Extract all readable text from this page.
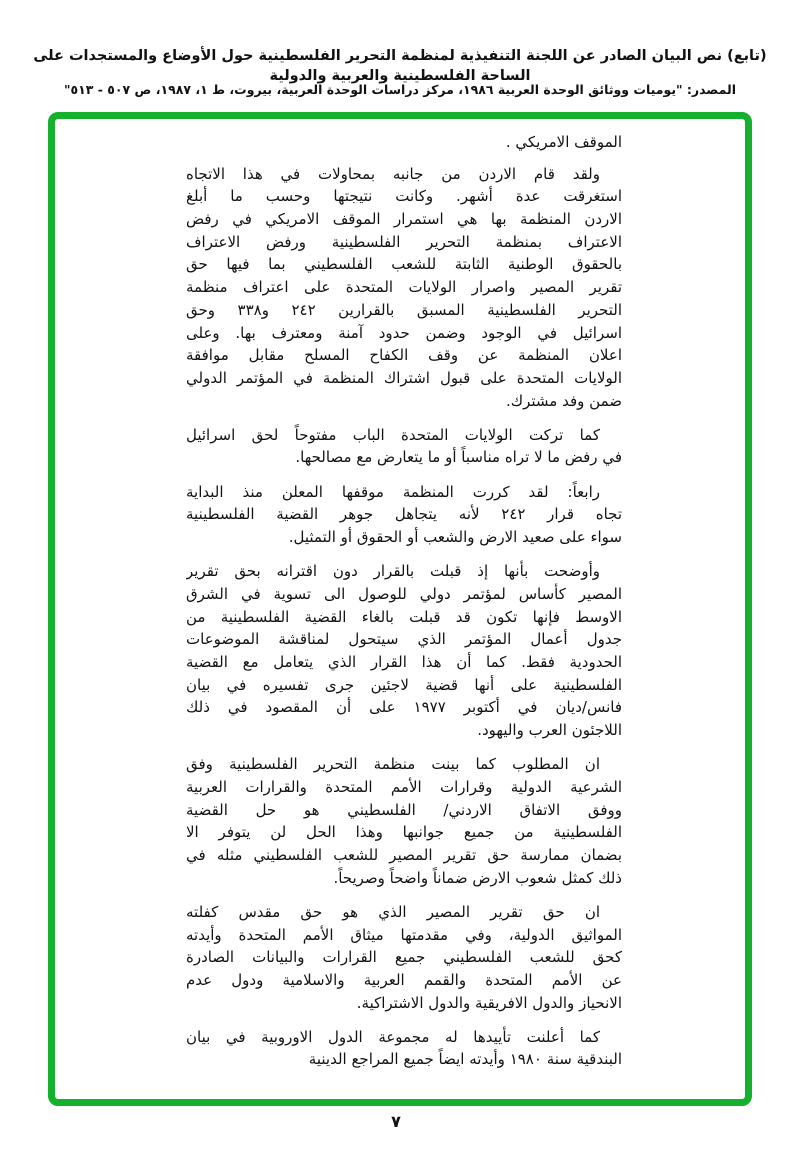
(تابع) نص البيان الصادر عن اللجنة التنفيذية لمنظمة التحرير الفلسطينية حول الأوضاع والمستجدات على الساحة الفلسطينية والعربية والدولية
المصدر: "يوميات ووثائق الوحدة العربية ١٩٨٦، مركز دراسات الوحدة العربية، بيروت، ط ١، ١٩٨٧، ص ٥٠٧ - ٥١٣"
الموقف الامريكي .
ولقد قام الاردن من جانبه بمحاولات في هذا الاتجاه
استغرقت عدة أشهر. وكانت نتيجتها وحسب ما أبلغ
الاردن المنظمة بها هي استمرار الموقف الامريكي في رفض
الاعتراف بمنظمة التحرير الفلسطينية ورفض الاعتراف
بالحقوق الوطنية الثابتة للشعب الفلسطيني بما فيها حق
تقرير المصير واصرار الولايات المتحدة على اعتراف منظمة
التحرير الفلسطينية المسبق بالقرارين ٢٤٢ و٣٣٨ وحق
اسرائيل في الوجود وضمن حدود آمنة ومعترف بها. وعلى
اعلان المنظمة عن وقف الكفاح المسلح مقابل موافقة
الولايات المتحدة على قبول اشتراك المنظمة في المؤتمر الدولي
ضمن وفد مشترك.
كما تركت الولايات المتحدة الباب مفتوحاً لحق اسرائيل
في رفض ما لا تراه مناسباً أو ما يتعارض مع مصالحها.
رابعاً: لقد كررت المنظمة موقفها المعلن منذ البداية
تجاه قرار ٢٤٢ لأنه يتجاهل جوهر القضية الفلسطينية
سواء على صعيد الارض والشعب أو الحقوق أو التمثيل.
وأوضحت بأنها إذ قبلت بالقرار دون اقترانه بحق تقرير
المصير كأساس لمؤتمر دولي للوصول الى تسوية في الشرق
الاوسط فإنها تكون قد قبلت بالغاء القضية الفلسطينية من
جدول أعمال المؤتمر الذي سيتحول لمناقشة الموضوعات
الحدودية فقط. كما أن هذا القرار الذي يتعامل مع القضية
الفلسطينية على أنها قضية لاجئين جرى تفسيره في بيان
فانس/ديان في أكتوبر ١٩٧٧ على أن المقصود في ذلك
اللاجئون العرب واليهود.
ان المطلوب كما بينت منظمة التحرير الفلسطينية وفق
الشرعية الدولية وقرارات الأمم المتحدة والقرارات العربية
ووفق الاتفاق الاردني/ الفلسطيني هو حل القضية
الفلسطينية من جميع جوانبها وهذا الحل لن يتوفر الا
بضمان ممارسة حق تقرير المصير للشعب الفلسطيني مثله في
ذلك كمثل شعوب الارض ضماناً واضحاً وصريحاً.
ان حق تقرير المصير الذي هو حق مقدس كفلته
المواثيق الدولية، وفي مقدمتها ميثاق الأمم المتحدة وأيدته
كحق للشعب الفلسطيني جميع القرارات والبيانات الصادرة
عن الأمم المتحدة والقمم العربية والاسلامية ودول عدم
الانحياز والدول الافريقية والدول الاشتراكية.
كما أعلنت تأييدها له مجموعة الدول الاوروبية في بيان
البندقية سنة ١٩٨٠ وأيدته ايضاً جميع المراجع الدينية
٧
